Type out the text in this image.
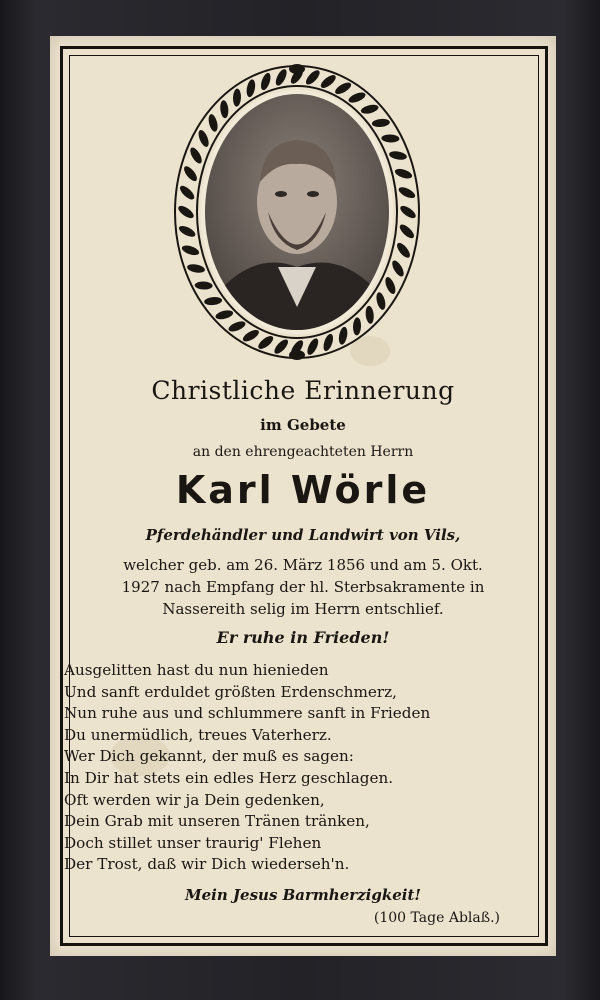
Christliche Erinnerung
im Gebete
an den ehrengeachteten Herrn
Karl Wörle
Pferdehändler und Landwirt von Vils,
welcher geb. am 26. März 1856 und am 5. Okt.
1927 nach Empfang der hl. Sterbsakramente in
Nassereith selig im Herrn entschlief.
Er ruhe in Frieden!
Ausgelitten hast du nun hienieden
Und sanft erduldet größten Erdenschmerz,
Nun ruhe aus und schlummere sanft in Frieden
Du unermüdlich, treues Vaterherz.
Wer Dich gekannt, der muß es sagen:
In Dir hat stets ein edles Herz geschlagen.
Oft werden wir ja Dein gedenken,
Dein Grab mit unseren Tränen tränken,
Doch stillet unser traurig' Flehen
Der Trost, daß wir Dich wiederseh'n.
Mein Jesus Barmherzigkeit!
(100 Tage Ablaß.)
